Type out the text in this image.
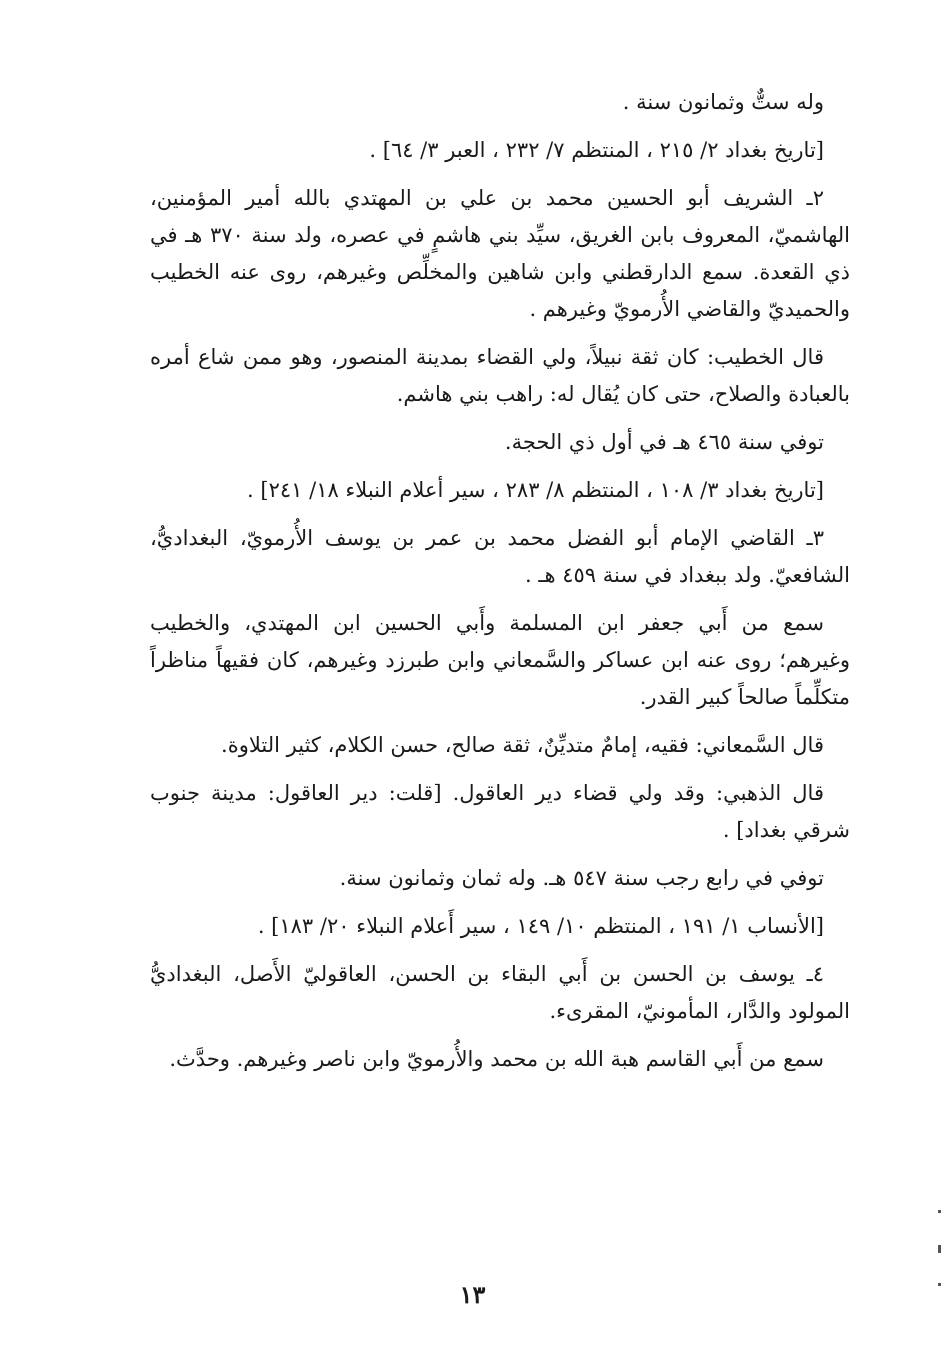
وله ستٌّ وثمانون سنة .

[تاريخ بغداد ٢/ ٢١٥ ، المنتظم ٧/ ٢٣٢ ، العبر ٣/ ٦٤] .

٢ـ الشريف أبو الحسين محمد بن علي بن المهتدي بالله أمير المؤمنين، الهاشميّ، المعروف بابن الغريق، سيِّد بني هاشمٍ في عصره، ولد سنة ٣٧٠ هـ في ذي القعدة. سمع الدارقطني وابن شاهين والمخلِّص وغيرهم، روى عنه الخطيب والحميديّ والقاضي الأُرمويّ وغيرهم .

قال الخطيب: كان ثقة نبيلاً، ولي القضاء بمدينة المنصور، وهو ممن شاع أمره بالعبادة والصلاح، حتى كان يُقال له: راهب بني هاشم.

توفي سنة ٤٦٥ هـ في أول ذي الحجة.

[تاريخ بغداد ٣/ ١٠٨ ، المنتظم ٨/ ٢٨٣ ، سير أعلام النبلاء ١٨/ ٢٤١] .

٣ـ القاضي الإمام أبو الفضل محمد بن عمر بن يوسف الأُرمويّ، البغداديُّ، الشافعيّ. ولد ببغداد في سنة ٤٥٩ هـ .

سمع من أَبي جعفر ابن المسلمة وأَبي الحسين ابن المهتدي، والخطيب وغيرهم؛ روى عنه ابن عساكر والسَّمعاني وابن طبرزد وغيرهم، كان فقيهاً مناظراً متكلِّماً صالحاً كبير القدر.

قال السَّمعاني: فقيه، إمامٌ متديِّنٌ، ثقة صالح، حسن الكلام، كثير التلاوة.

قال الذهبي: وقد ولي قضاء دير العاقول. [قلت: دير العاقول: مدينة جنوب شرقي بغداد] .

توفي في رابع رجب سنة ٥٤٧ هـ. وله ثمان وثمانون سنة.

[الأنساب ١/ ١٩١ ، المنتظم ١٠/ ١٤٩ ، سير أَعلام النبلاء ٢٠/ ١٨٣] .

٤ـ يوسف بن الحسن بن أَبي البقاء بن الحسن، العاقوليّ الأَصل، البغداديُّ المولود والدَّار، المأمونيّ، المقرىء.

سمع من أَبي القاسم هبة الله بن محمد والأُرمويّ وابن ناصر وغيرهم. وحدَّث.

١٣
